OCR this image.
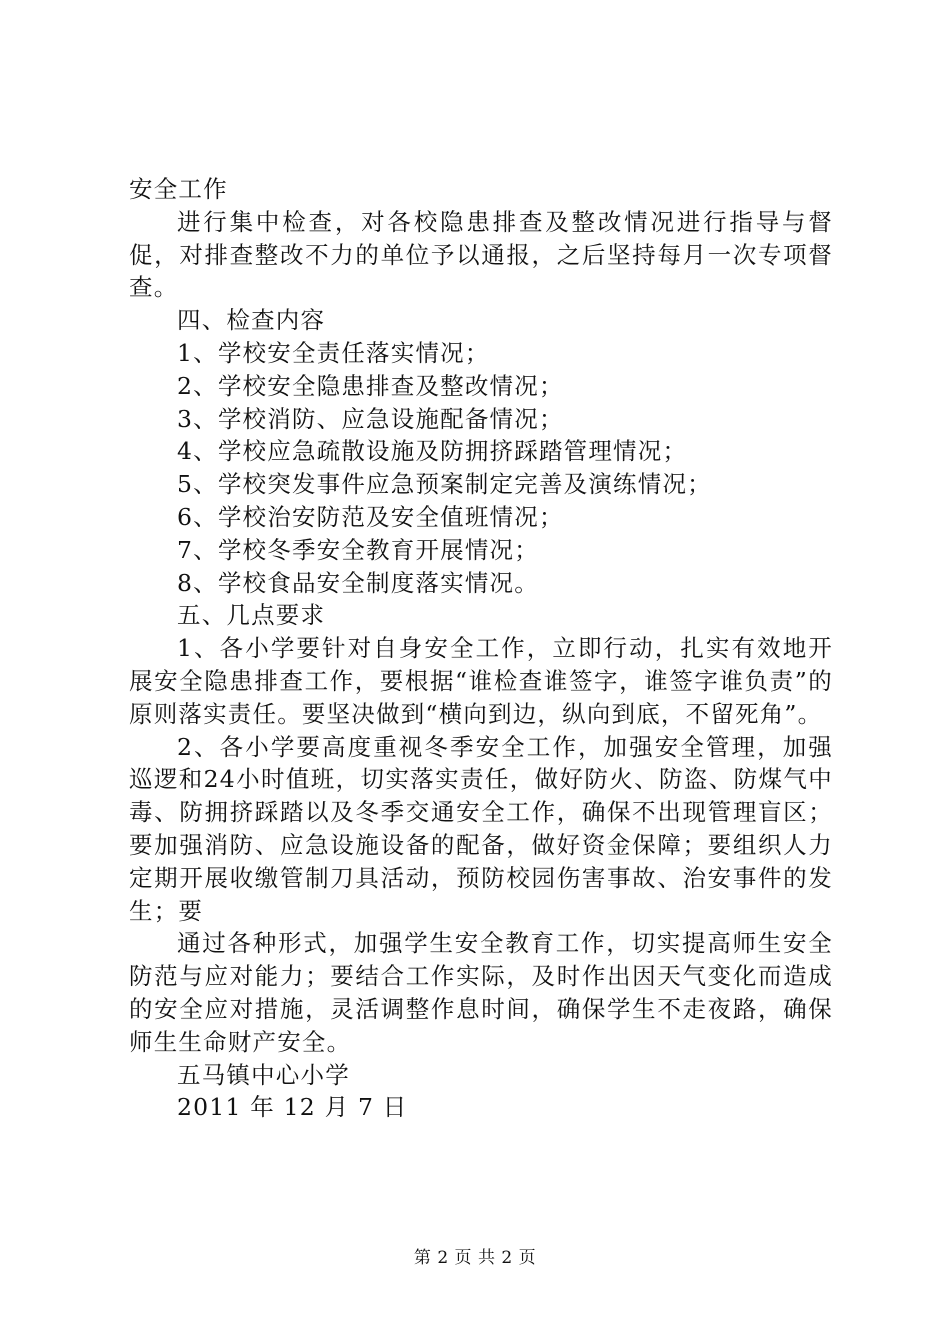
安全工作

进行集中检查，对各校隐患排查及整改情况进行指导与督促，对排查整改不力的单位予以通报，之后坚持每月一次专项督查。

四、检查内容

1、学校安全责任落实情况；

2、学校安全隐患排查及整改情况；

3、学校消防、应急设施配备情况；

4、学校应急疏散设施及防拥挤踩踏管理情况；

5、学校突发事件应急预案制定完善及演练情况；

6、学校治安防范及安全值班情况；

7、学校冬季安全教育开展情况；

8、学校食品安全制度落实情况。

五、几点要求

1、各小学要针对自身安全工作，立即行动，扎实有效地开展安全隐患排查工作，要根据“谁检查谁签字，谁签字谁负责”的原则落实责任。要坚决做到“横向到边，纵向到底，不留死角”。

2、各小学要高度重视冬季安全工作，加强安全管理，加强巡逻和24小时值班，切实落实责任，做好防火、防盗、防煤气中毒、防拥挤踩踏以及冬季交通安全工作，确保不出现管理盲区；要加强消防、应急设施设备的配备，做好资金保障；要组织人力定期开展收缴管制刀具活动，预防校园伤害事故、治安事件的发生；要

通过各种形式，加强学生安全教育工作，切实提高师生安全防范与应对能力；要结合工作实际，及时作出因天气变化而造成的安全应对措施，灵活调整作息时间，确保学生不走夜路，确保师生生命财产安全。

五马镇中心小学

2011 年 12 月 7 日

第 2 页 共 2 页
